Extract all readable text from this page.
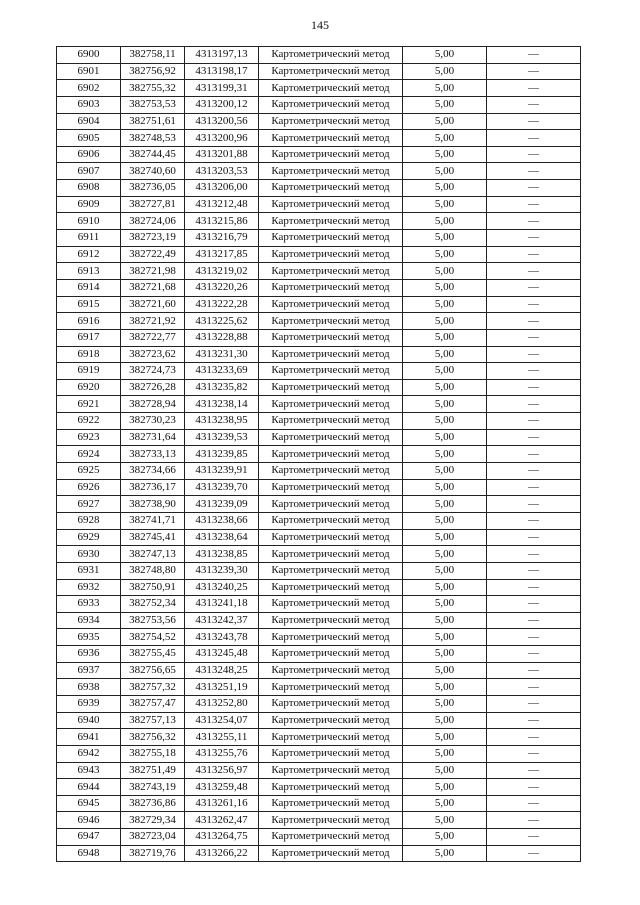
145
6900	382758,11	4313197,13	Картометрический метод	5,00	—
6901	382756,92	4313198,17	Картометрический метод	5,00	—
6902	382755,32	4313199,31	Картометрический метод	5,00	—
6903	382753,53	4313200,12	Картометрический метод	5,00	—
6904	382751,61	4313200,56	Картометрический метод	5,00	—
6905	382748,53	4313200,96	Картометрический метод	5,00	—
6906	382744,45	4313201,88	Картометрический метод	5,00	—
6907	382740,60	4313203,53	Картометрический метод	5,00	—
6908	382736,05	4313206,00	Картометрический метод	5,00	—
6909	382727,81	4313212,48	Картометрический метод	5,00	—
6910	382724,06	4313215,86	Картометрический метод	5,00	—
6911	382723,19	4313216,79	Картометрический метод	5,00	—
6912	382722,49	4313217,85	Картометрический метод	5,00	—
6913	382721,98	4313219,02	Картометрический метод	5,00	—
6914	382721,68	4313220,26	Картометрический метод	5,00	—
6915	382721,60	4313222,28	Картометрический метод	5,00	—
6916	382721,92	4313225,62	Картометрический метод	5,00	—
6917	382722,77	4313228,88	Картометрический метод	5,00	—
6918	382723,62	4313231,30	Картометрический метод	5,00	—
6919	382724,73	4313233,69	Картометрический метод	5,00	—
6920	382726,28	4313235,82	Картометрический метод	5,00	—
6921	382728,94	4313238,14	Картометрический метод	5,00	—
6922	382730,23	4313238,95	Картометрический метод	5,00	—
6923	382731,64	4313239,53	Картометрический метод	5,00	—
6924	382733,13	4313239,85	Картометрический метод	5,00	—
6925	382734,66	4313239,91	Картометрический метод	5,00	—
6926	382736,17	4313239,70	Картометрический метод	5,00	—
6927	382738,90	4313239,09	Картометрический метод	5,00	—
6928	382741,71	4313238,66	Картометрический метод	5,00	—
6929	382745,41	4313238,64	Картометрический метод	5,00	—
6930	382747,13	4313238,85	Картометрический метод	5,00	—
6931	382748,80	4313239,30	Картометрический метод	5,00	—
6932	382750,91	4313240,25	Картометрический метод	5,00	—
6933	382752,34	4313241,18	Картометрический метод	5,00	—
6934	382753,56	4313242,37	Картометрический метод	5,00	—
6935	382754,52	4313243,78	Картометрический метод	5,00	—
6936	382755,45	4313245,48	Картометрический метод	5,00	—
6937	382756,65	4313248,25	Картометрический метод	5,00	—
6938	382757,32	4313251,19	Картометрический метод	5,00	—
6939	382757,47	4313252,80	Картометрический метод	5,00	—
6940	382757,13	4313254,07	Картометрический метод	5,00	—
6941	382756,32	4313255,11	Картометрический метод	5,00	—
6942	382755,18	4313255,76	Картометрический метод	5,00	—
6943	382751,49	4313256,97	Картометрический метод	5,00	—
6944	382743,19	4313259,48	Картометрический метод	5,00	—
6945	382736,86	4313261,16	Картометрический метод	5,00	—
6946	382729,34	4313262,47	Картометрический метод	5,00	—
6947	382723,04	4313264,75	Картометрический метод	5,00	—
6948	382719,76	4313266,22	Картометрический метод	5,00	—
